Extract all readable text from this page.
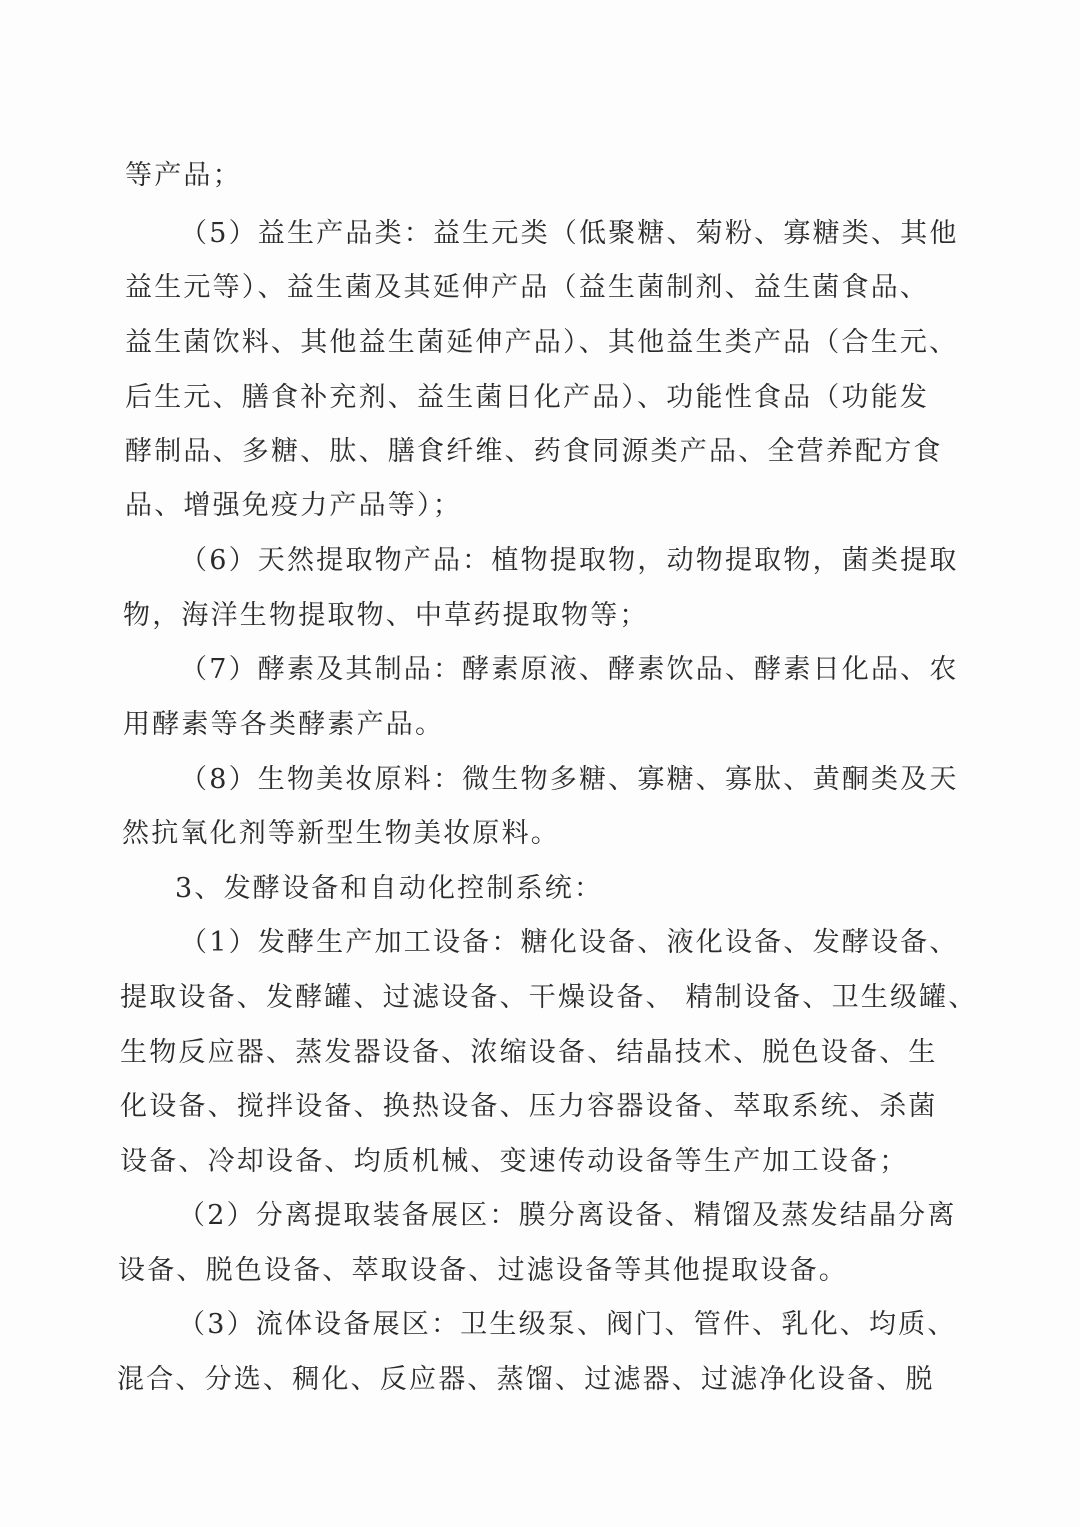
等产品；
（5）益生产品类：益生元类（低聚糖、菊粉、寡糖类、其他
益生元等）、益生菌及其延伸产品（益生菌制剂、益生菌食品、
益生菌饮料、其他益生菌延伸产品）、其他益生类产品（合生元、
后生元、膳食补充剂、益生菌日化产品）、功能性食品（功能发
酵制品、多糖、肽、膳食纤维、药食同源类产品、全营养配方食
品、增强免疫力产品等）；
（6）天然提取物产品：植物提取物，动物提取物，菌类提取
物，海洋生物提取物、中草药提取物等；
（7）酵素及其制品：酵素原液、酵素饮品、酵素日化品、农
用酵素等各类酵素产品。
（8）生物美妆原料：微生物多糖、寡糖、寡肽、黄酮类及天
然抗氧化剂等新型生物美妆原料。
3、发酵设备和自动化控制系统：
（1）发酵生产加工设备：糖化设备、液化设备、发酵设备、
提取设备、发酵罐、过滤设备、干燥设备、 精制设备、卫生级罐、
生物反应器、蒸发器设备、浓缩设备、结晶技术、脱色设备、生
化设备、搅拌设备、换热设备、压力容器设备、萃取系统、杀菌
设备、冷却设备、均质机械、变速传动设备等生产加工设备；
（2）分离提取装备展区：膜分离设备、精馏及蒸发结晶分离
设备、脱色设备、萃取设备、过滤设备等其他提取设备。
（3）流体设备展区：卫生级泵、阀门、管件、乳化、均质、
混合、分选、稠化、反应器、蒸馏、过滤器、过滤净化设备、脱
